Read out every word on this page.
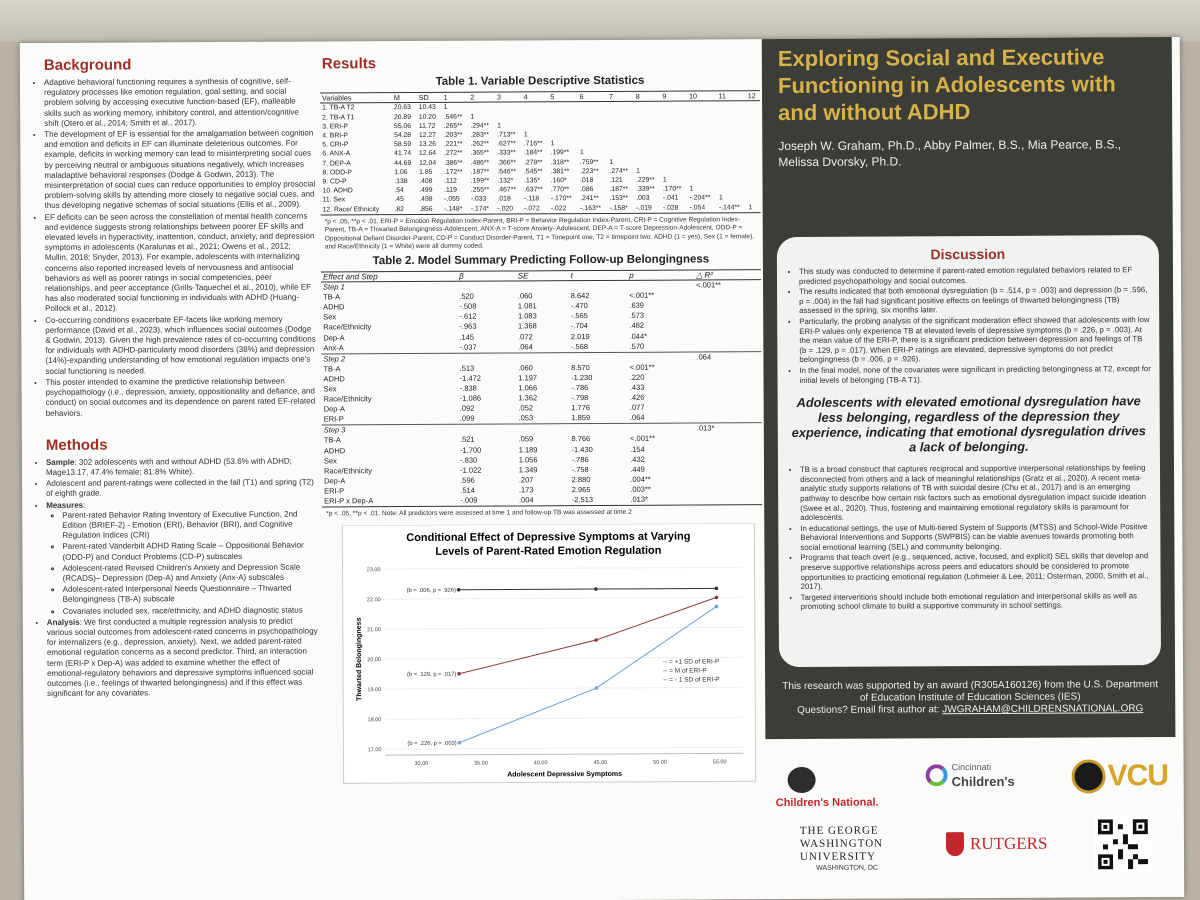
Background
• Adaptive behavioral functioning requires a synthesis of cognitive, self-regulatory processes like emotion regulation, goal setting, and social problem solving by accessing executive function-based (EF), malleable skills such as working memory, inhibitory control, and attention/cognitive shift (Otero et al., 2014; Smith et al., 2017).
• The development of EF is essential for the amalgamation between cognition and emotion and deficits in EF can illuminate deleterious outcomes. For example, deficits in working memory can lead to misinterpreting social cues by perceiving neutral or ambiguous situations negatively, which increases maladaptive behavioral responses (Dodge & Godwin, 2013). The misinterpretation of social cues can reduce opportunities to employ prosocial problem-solving skills by attending more closely to negative social cues, and thus developing negative schemas of social situations (Ellis et al., 2009).
• EF deficits can be seen across the constellation of mental health concerns and evidence suggests strong relationships between poorer EF skills and elevated levels in hyperactivity, inattention, conduct, anxiety, and depression symptoms in adolescents (Karalunas et al., 2021; Owens et al., 2012; Mullin, 2018; Snyder, 2013). For example, adolescents with internalizing concerns also reported increased levels of nervousness and antisocial behaviors as well as poorer ratings in social competencies, peer relationships, and peer acceptance (Grills-Taquechel et al., 2010), while EF has also moderated social functioning in individuals with ADHD (Huang-Pollock et al., 2012).
• Co-occurring conditions exacerbate EF-facets like working memory performance (David et al., 2023), which influences social outcomes (Dodge & Godwin, 2013). Given the high prevalence rates of co-occurring conditions for individuals with ADHD-particularly mood disorders (38%) and depression (14%)-expanding understanding of how emotional regulation impacts one's social functioning is needed.
• This poster intended to examine the predictive relationship between psychopathology (i.e., depression, anxiety, oppositionality and defiance, and conduct) on social outcomes and its dependence on parent rated EF-related behaviors.
Methods
• Sample: 302 adolescents with and without ADHD (53.6% with ADHD; Mage13.17, 47.4% female; 81.8% White).
• Adolescent and parent-ratings were collected in the fall (T1) and spring (T2) of eighth grade.
• Measures:
◦ Parent-rated Behavior Rating Inventory of Executive Function, 2nd Edition (BRIEF-2) - Emotion (ERI), Behavior (BRI), and Cognitive Regulation Indices (CRI)
◦ Parent-rated Vanderbilt ADHD Rating Scale – Oppositional Behavior (ODD-P) and Conduct Problems (CD-P) subscales
◦ Adolescent-rated Revised Children's Anxiety and Depression Scale (RCADS)– Depression (Dep-A) and Anxiety (Anx-A) subscales
◦ Adolescent-rated Interpersonal Needs Questionnaire – Thwarted Belongingness (TB-A) subscale
◦ Covariates included sex, race/ethnicity, and ADHD diagnostic status
• Analysis: We first conducted a multiple regression analysis to predict various social outcomes from adolescent-rated concerns in psychopathology for internalizers (e.g., depression, anxiety). Next, we added parent-rated emotional regulation concerns as a second predictor. Third, an interaction term (ERI-P x Dep-A) was added to examine whether the effect of emotional-regulatory behaviors and depressive symptoms influenced social outcomes (i.e., feelings of thwarted belongingness) and if this effect was significant for any covariates.
Results
Table 1. Variable Descriptive Statistics
Variables	M	SD	1	2	3	4	5	6	7	8	9	10	11	12
1. TB-A T2	20.63	10.43	1											
2. TB-A T1	20.89	10.20	.546**	1										
3. ERI-P	55.06	11.72	.265**	.294**	1									
4. BRI-P	54.28	12.27	.203**	.283**	.713**	1								
5. CRI-P	58.59	13.26	.221**	.262**	.627**	.716**	1							
6. ANX-A	41.74	12.64	.272**	.365**	.333**	.184**	.199**	1						
7. DEP-A	44.69	12.04	.386**	.486**	.366**	.279**	.318**	.759**	1					
8. ODD-P	1.06	1.85	.172**	.187**	.646**	.545**	.381**	.223**	.274**	1				
9. CD-P	.138	.408	.112	.199**	.132*	.135*	.160*	.018	.121	.229**	1			
10. ADHD	.54	.499	.119	.255**	.467**	.637**	.770**	.086	.187**	.339**	.170**	1		
11. Sex	.45	.498	-.055	-.033	.018	-.118	-.170**	.241**	.153**	.003	-.041	-.204**	1	
12. Race/ Ethnicity	.82	.856	-.148*	-.174*	-.020	-.072	-.022	-.163**	-.158*	-.019	-.028	-.054	-.144**	1
*p < .05, **p < .01. ERI-P = Emotion Regulation Index-Parent, BRI-P = Behavior Regulation Index-Parent, CRI-P = Cognitive Regulation Index-Parent, TB-A = Thwarted Belongingness-Adolescent, ANX-A = T-score Anxiety- Adolescent, DEP-A = T-score Depression-Adolescent, ODD-P = Oppositional Defiant Disorder-Parent, CD-P = Conduct Disorder-Parent, T1 = Timepoint one, T2 = timepoint two. ADHD (1 = yes), Sex (1 = female), and Race/Ethnicity (1 = White) were all dummy coded.
Table 2. Model Summary Predicting Follow-up Belongingness
Effect and Step	β	SE	t	p	△ R²
Step 1					<.001**
TB-A	.520	.060	8.642	<.001**	
ADHD	-.508	1.081	-.470	.639	
Sex	-.612	1.083	-.565	.573	
Race/Ethnicity	-.963	1.368	-.704	.482	
Dep-A	.145	.072	2.019	.044*	
Anx-A	-.037	.064	-.568	.570	
Step 2					.064
TB-A	.513	.060	8.570	<.001**	
ADHD	-1.472	1.197	-1.230	.220	
Sex	-.838	1.066	-.786	.433	
Race/Ethnicity	-1.086	1.362	-.798	.426	
Dep-A	.092	.052	1.776	.077	
ERI-P	.099	.053	1.859	.064	
Step 3					.013*
TB-A	.521	.059	8.766	<.001**	
ADHD	-1.700	1.189	-1.430	.154	
Sex	-.830	1.056	-.786	.432	
Race/Ethnicity	-1.022	1.349	-.758	.449	
Dep-A	.596	.207	2.880	.004**	
ERI-P	.514	.173	2.965	.003**	
ERI-P x Dep-A	-.009	.004	-2.513	.013*	
*p < .05, **p < .01. Note: All predictors were assessed at time 1 and follow-up TB was assessed at time 2
Conditional Effect of Depressive Symptoms at Varying
Levels of Parent-Rated Emotion Regulation
17.00
18.00
19.00
20.00
21.00
22.00
23.00
30.00	35.00	40.00	45.00	50.00	55.00
Adolescent Depressive Symptoms
Thwarted Belongingness
(b = .006, p = .926)
(b = .129, p = .017)
(b = .226, p = .003)
-- = +1 SD of ERI-P
-- = M of ERI-P
-- = - 1 SD of ERI-P
Exploring Social and Executive Functioning in Adolescents with and without ADHD
Joseph W. Graham, Ph.D., Abby Palmer, B.S., Mia Pearce, B.S., Melissa Dvorsky, Ph.D.
Discussion
• This study was conducted to determine if parent-rated emotion regulated behaviors related to EF predicted psychopathology and social outcomes.
• The results indicated that both emotional dysregulation (b = .514, p = .003) and depression (b = .596, p = .004) in the fall had significant positive effects on feelings of thwarted belongingness (TB) assessed in the spring, six months later.
• Particularly, the probing analysis of the significant moderation effect showed that adolescents with low ERI-P values only experience TB at elevated levels of depressive symptoms (b = .226, p = .003). At the mean value of the ERI-P, there is a significant prediction between depression and feelings of TB (b = .129, p = .017). When ERI-P ratings are elevated, depressive symptoms do not predict belongingness (b = .006, p = .926).
• In the final model, none of the covariates were significant in predicting belongingness at T2, except for initial levels of belonging (TB-A T1).
Adolescents with elevated emotional dysregulation have less belonging, regardless of the depression they experience, indicating that emotional dysregulation drives a lack of belonging.
• TB is a broad construct that captures reciprocal and supportive interpersonal relationships by feeling disconnected from others and a lack of meaningful relationships (Gratz et al., 2020). A recent meta-analytic study supports relations of TB with suicidal desire (Chu et al., 2017) and is an emerging pathway to describe how certain risk factors such as emotional dysregulation impact suicide ideation (Swee et al., 2020). Thus, fostering and maintaining emotional regulatory skills is paramount for adolescents.
• In educational settings, the use of Multi-tiered System of Supports (MTSS) and School-Wide Positive Behavioral Interventions and Supports (SWPBIS) can be viable avenues towards promoting both social emotional learning (SEL) and community belonging.
• Programs that teach overt (e.g., sequenced, active, focused, and explicit) SEL skills that develop and preserve supportive relationships across peers and educators should be considered to promote opportunities to practicing emotional regulation (Lohmeier & Lee, 2011; Osterman, 2000, Smith et al., 2017).
• Targeted interventions should include both emotional regulation and interpersonal skills as well as promoting school climate to build a supportive community in school settings.
This research was supported by an award (R305A160126) from the U.S. Department of Education Institute of Education Sciences (IES)
Questions? Email first author at: JWGRAHAM@CHILDRENSNATIONAL.ORG
Children's National.
Cincinnati
Children's	VCU
THE GEORGE
WASHINGTON
UNIVERSITY
WASHINGTON, DC
RUTGERS
